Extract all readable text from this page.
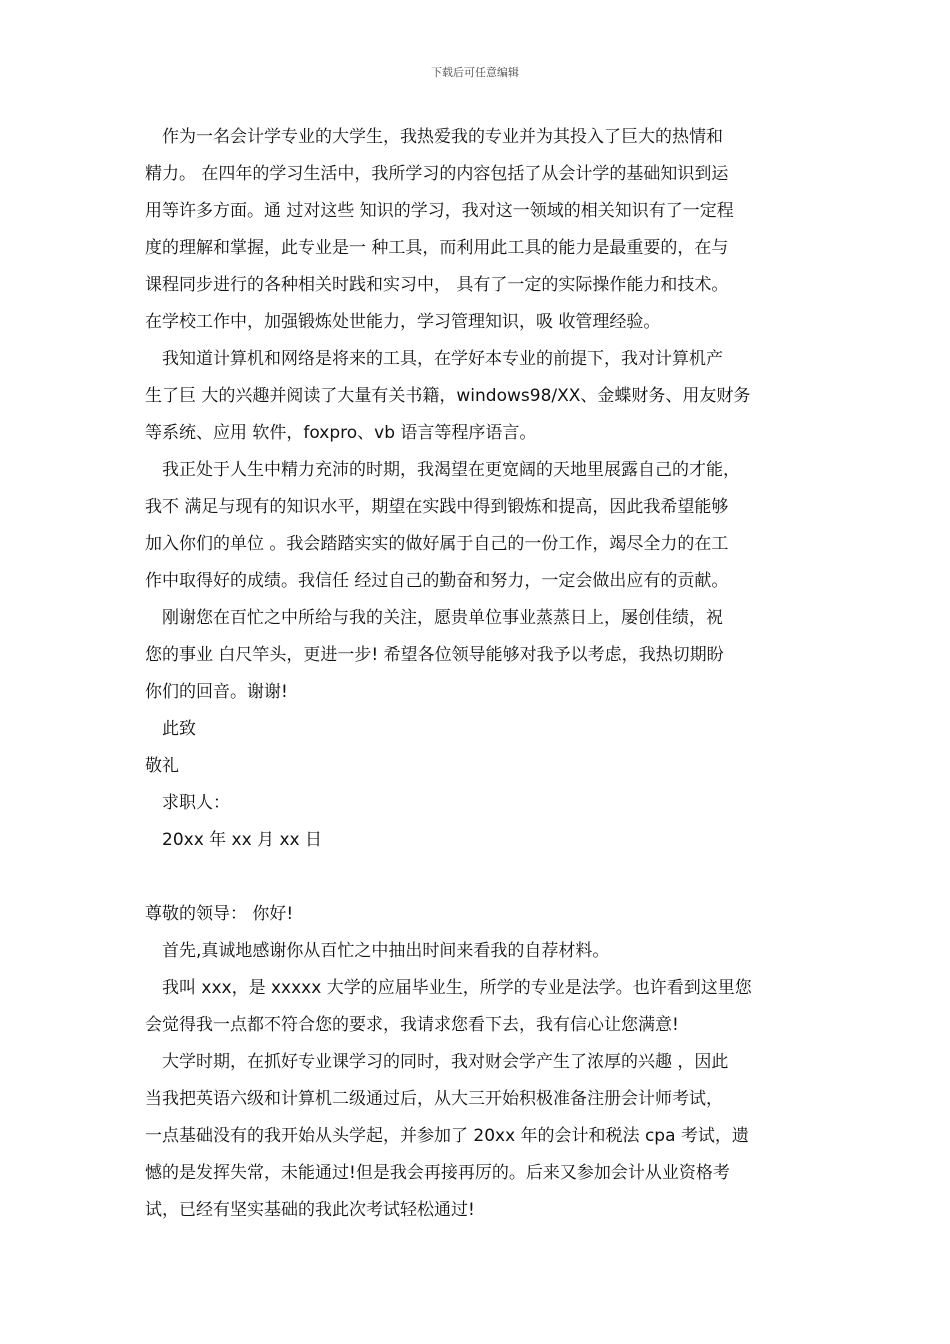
下载后可任意编辑

作为一名会计学专业的大学生，我热爱我的专业并为其投入了巨大的热情和

精力。 在四年的学习生活中，我所学习的内容包括了从会计学的基础知识到运

用等许多方面。通 过对这些 知识的学习，我对这一领域的相关知识有了一定程

度的理解和掌握，此专业是一 种工具，而利用此工具的能力是最重要的，在与

课程同步进行的各种相关时践和实习中， 具有了一定的实际操作能力和技术。

在学校工作中，加强锻炼处世能力，学习管理知识，吸 收管理经验。

我知道计算机和网络是将来的工具，在学好本专业的前提下，我对计算机产

生了巨 大的兴趣并阅读了大量有关书籍，windows98/XX、金蝶财务、用友财务

等系统、应用 软件，foxpro、vb 语言等程序语言。

我正处于人生中精力充沛的时期，我渴望在更宽阔的天地里展露自己的才能，

我不 满足与现有的知识水平，期望在实践中得到锻炼和提高，因此我希望能够

加入你们的单位 。我会踏踏实实的做好属于自己的一份工作，竭尽全力的在工

作中取得好的成绩。我信任 经过自己的勤奋和努力，一定会做出应有的贡献。

刚谢您在百忙之中所给与我的关注，愿贵单位事业蒸蒸日上，屡创佳绩，祝

您的事业 白尺竿头，更进一步! 希望各位领导能够对我予以考虑，我热切期盼

你们的回音。谢谢!

此致

敬礼

求职人：

20xx 年 xx 月 xx 日

尊敬的领导： 你好!

首先,真诚地感谢你从百忙之中抽出时间来看我的自荐材料。

我叫 xxx，是 xxxxx 大学的应届毕业生，所学的专业是法学。也许看到这里您

会觉得我一点都不符合您的要求，我请求您看下去，我有信心让您满意!

大学时期，在抓好专业课学习的同时，我对财会学产生了浓厚的兴趣 ，因此

当我把英语六级和计算机二级通过后，从大三开始积极准备注册会计师考试，

一点基础没有的我开始从头学起，并参加了 20xx 年的会计和税法 cpa 考试，遗

憾的是发挥失常，未能通过!但是我会再接再厉的。后来又参加会计从业资格考

试，已经有坚实基础的我此次考试轻松通过!
